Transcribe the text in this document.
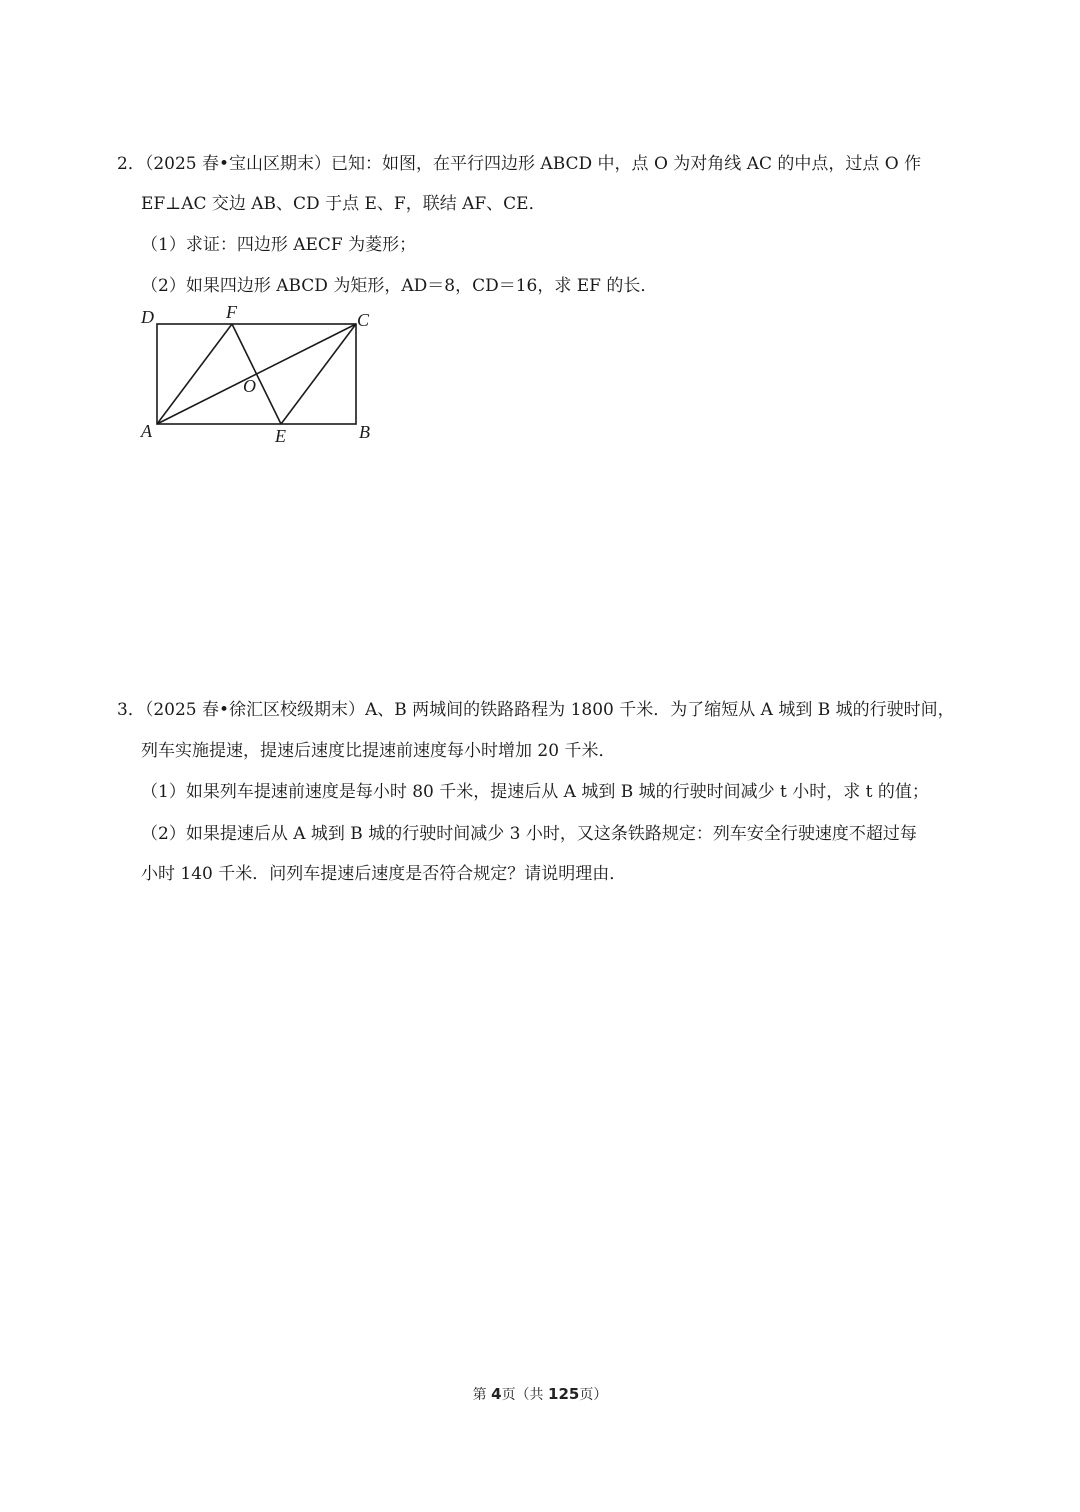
2．（2025 春•宝山区期末）已知：如图，在平行四边形 ABCD 中，点 O 为对角线 AC 的中点，过点 O 作
EF⊥AC 交边 AB、CD 于点 E、F，联结 AF、CE．
（1）求证：四边形 AECF 为菱形；
（2）如果四边形 ABCD 为矩形，AD＝8，CD＝16，求 EF 的长．
D	F	C
O
A	E	B
3．（2025 春•徐汇区校级期末）A、B 两城间的铁路路程为 1800 千米．为了缩短从 A 城到 B 城的行驶时间，
列车实施提速，提速后速度比提速前速度每小时增加 20 千米．
（1）如果列车提速前速度是每小时 80 千米，提速后从 A 城到 B 城的行驶时间减少 t 小时，求 t 的值；
（2）如果提速后从 A 城到 B 城的行驶时间减少 3 小时，又这条铁路规定：列车安全行驶速度不超过每
小时 140 千米．问列车提速后速度是否符合规定？请说明理由．
第 4页（共 125页）
